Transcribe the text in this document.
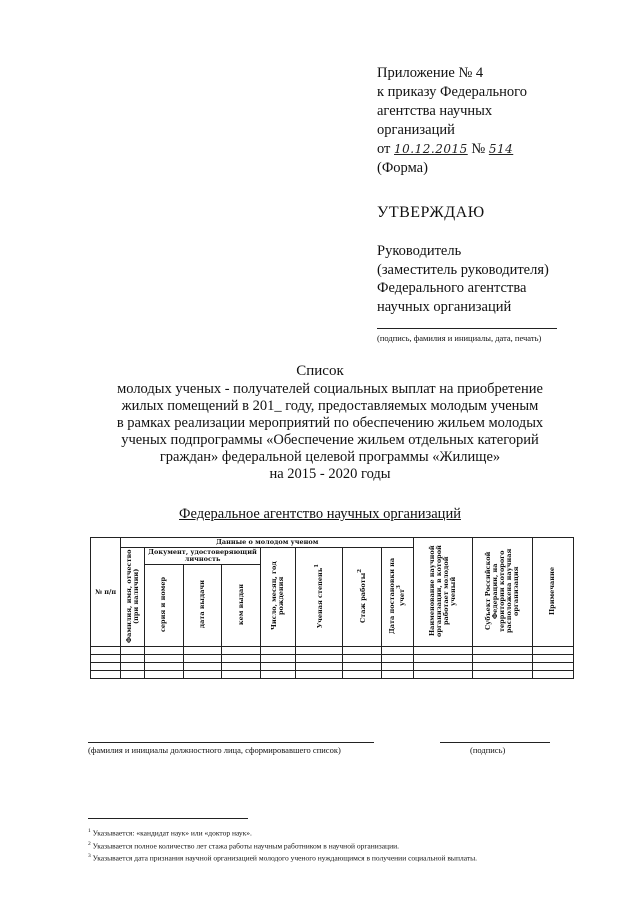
Приложение № 4
к приказу Федерального
агентства научных
организаций
от 10.12.2015 № 514
(Форма)
УТВЕРЖДАЮ
Руководитель
(заместитель руководителя)
Федерального агентства
научных организаций
(подпись, фамилия и инициалы, дата, печать)
Список
молодых ученых - получателей социальных выплат на приобретение
жилых помещений в 201_ году, предоставляемых молодым ученым
в рамках реализации мероприятий по обеспечению жильем молодых
ученых подпрограммы «Обеспечение жильем отдельных категорий
граждан» федеральной целевой программы «Жилище»
на 2015 - 2020 годы
Федеральное агентство научных организаций
№ п/п	Данные о молодом ученом								Наименование научной организации, в которой работает молодой ученый	Субъект Российской Федерации, на территории которого расположена научная организация	Примечание
	Фамилия, имя, отчество (при наличии)	Документ, удостоверяющий личность			Число, месяц, год рождения	Ученая степень$^1$	Стаж работы$^2$	Дата постановки на учет$^3$
		серия и номер	дата выдачи	кем выдан							

(фамилия и инициалы должностного лица, сформировавшего список)	(подпись)
$^1$ Указывается: «кандидат наук» или «доктор наук».
$^2$ Указывается полное количество лет стажа работы научным работником в научной организации.
$^3$ Указывается дата признания научной организацией молодого ученого нуждающимся в получении социальной выплаты.
